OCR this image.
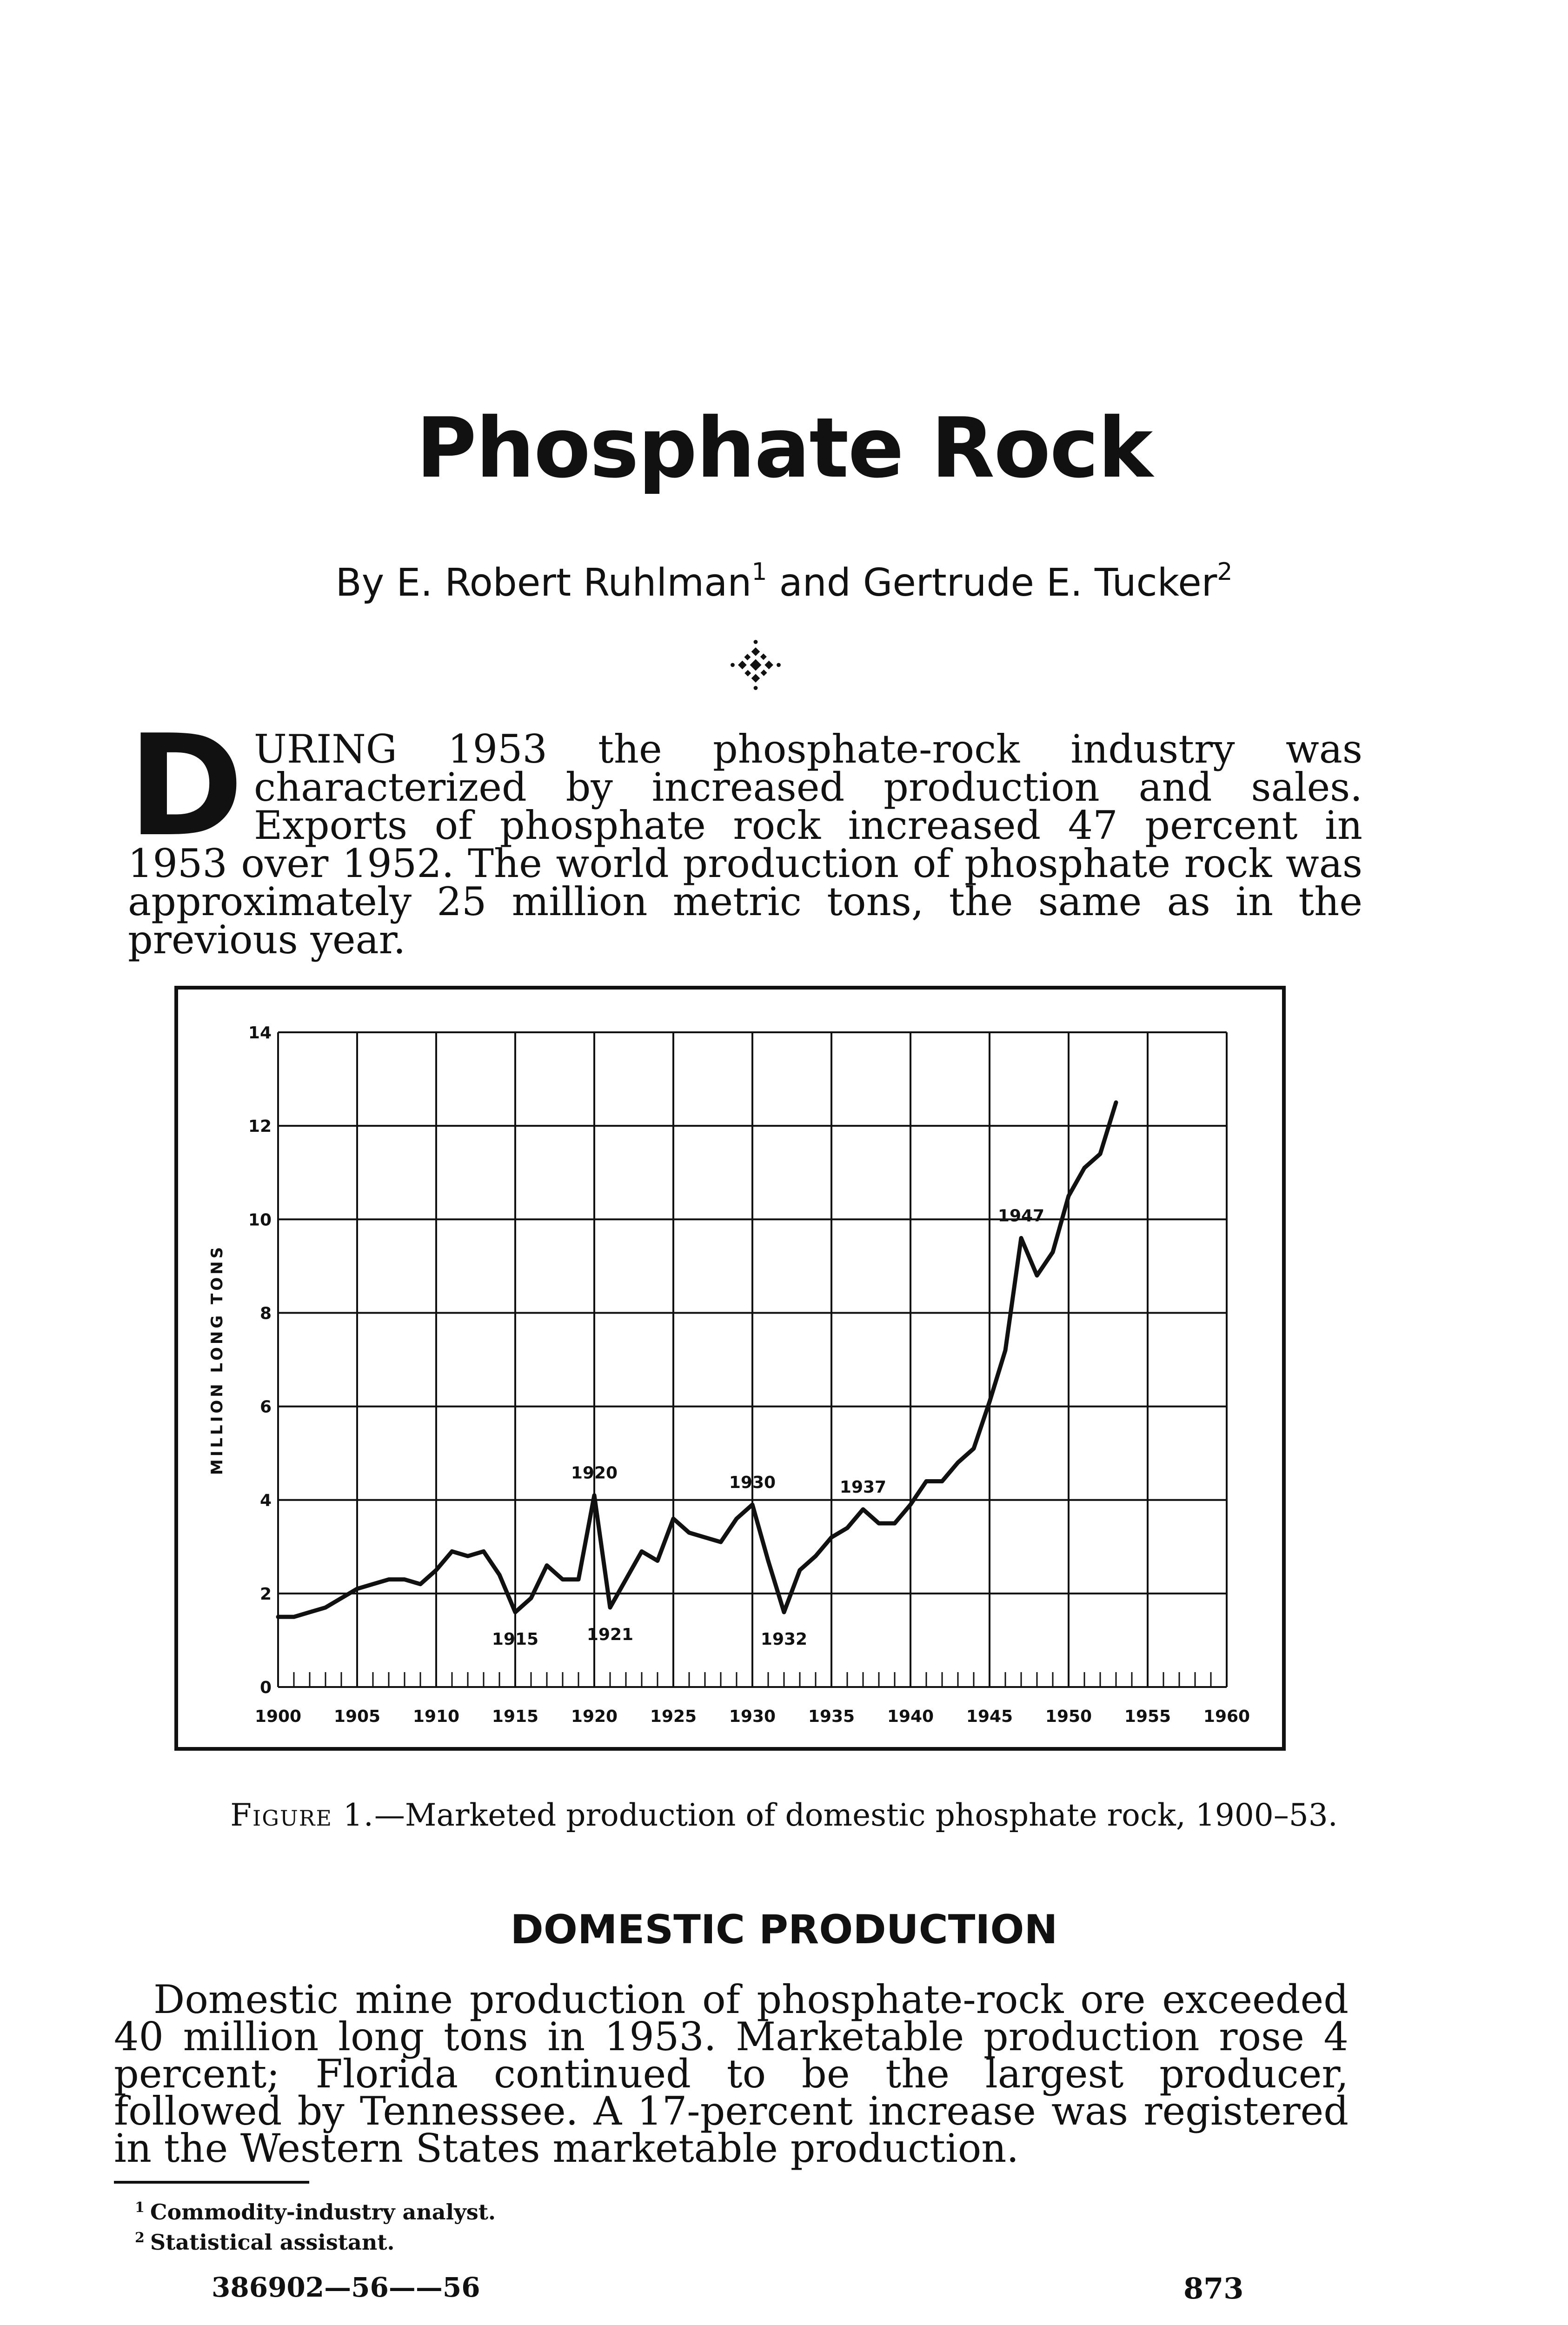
Phosphate Rock
By E. Robert Ruhlman$^1$ and Gertrude E. Tucker$^2$
DURING 1953 the phosphate-rock industry was characterized by increased production and sales. Exports of phosphate rock increased 47 percent in 1953 over 1952. The world production of phosphate rock was approximately 25 million metric tons, the same as in the previous year.
1900 1905 1910 1915 1920 1925 1930 1935 1940 1945 1950 1955 1960
0
2
4
6
8
10
12
14
MILLION LONG TONS
1915
1920
1921
1930
1932
1937
1947
Figure 1.—Marketed production of domestic phosphate rock, 1900–53.
DOMESTIC PRODUCTION
Domestic mine production of phosphate-rock ore exceeded 40 million long tons in 1953. Marketable production rose 4 percent; Florida continued to be the largest producer, followed by Tennessee. A 17-percent increase was registered in the Western States marketable production.
$^1$ Commodity-industry analyst.
$^2$ Statistical assistant.
386902—56——56	873
